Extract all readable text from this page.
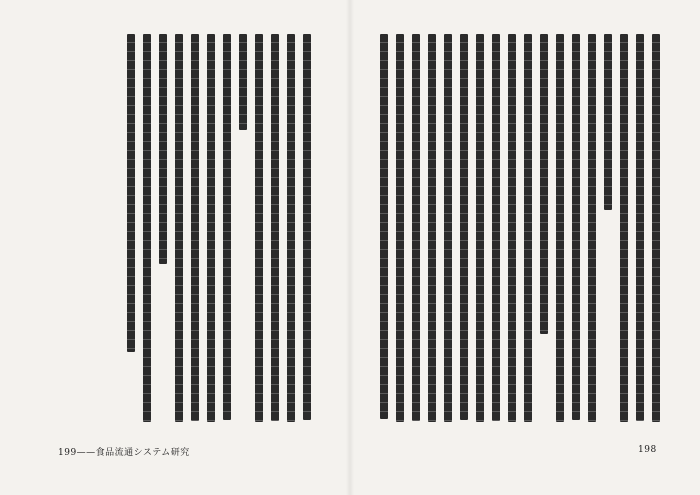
199——食品流通システム研究	198
